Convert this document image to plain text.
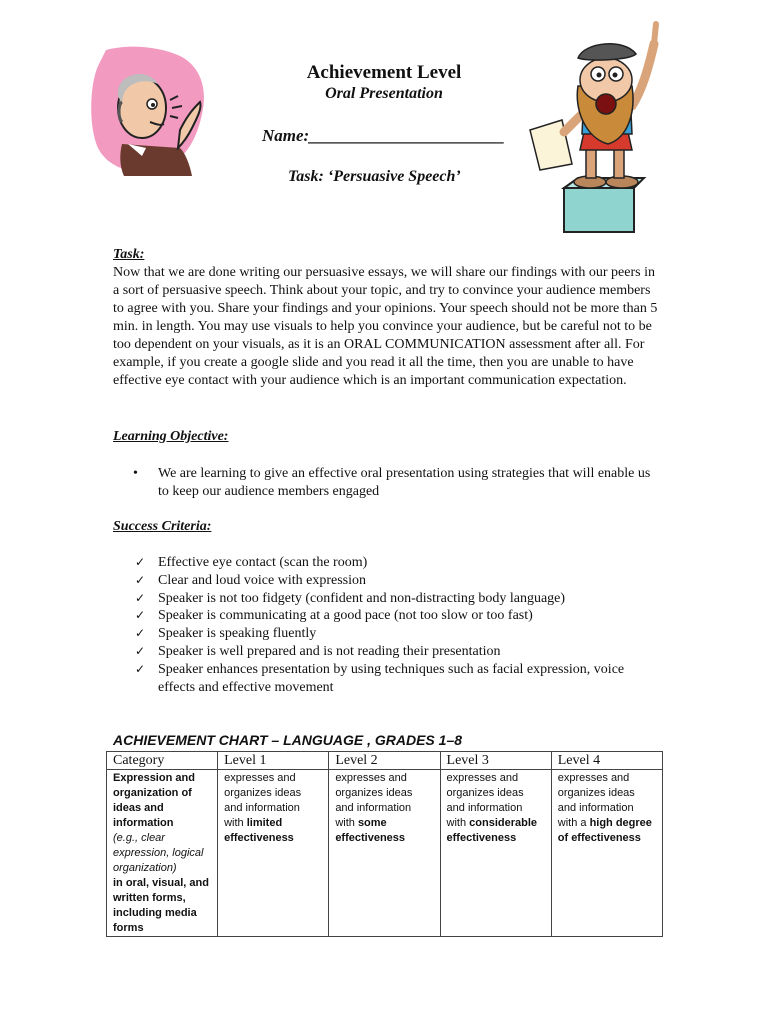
Achievement Level
Oral Presentation
Name:_______________________
Task: ‘Persuasive Speech’
Task:
Now that we are done writing our persuasive essays, we will share our findings with our peers in a sort of persuasive speech. Think about your topic, and try to convince your audience members to agree with you. Share your findings and your opinions. Your speech should not be more than 5 min. in length. You may use visuals to help you convince your audience, but be careful not to be too dependent on your visuals, as it is an ORAL COMMUNICATION assessment after all. For example, if you create a google slide and you read it all the time, then you are unable to have effective eye contact with your audience which is an important communication expectation.
Learning Objective:
• We are learning to give an effective oral presentation using strategies that will enable us to keep our audience members engaged
Success Criteria:
✓ Effective eye contact (scan the room)
✓ Clear and loud voice with expression
✓ Speaker is not too fidgety (confident and non-distracting body language)
✓ Speaker is communicating at a good pace (not too slow or too fast)
✓ Speaker is speaking fluently
✓ Speaker is well prepared and is not reading their presentation
✓ Speaker enhances presentation by using techniques such as facial expression, voice effects and effective movement
ACHIEVEMENT CHART – LANGUAGE , GRADES 1–8
Category	Level 1	Level 2	Level 3	Level 4
Expression and organization of ideas and information
(e.g., clear expression, logical organization)
in oral, visual, and written forms, including media forms	expresses and organizes ideas and information with limited effectiveness	expresses and organizes ideas and information with some effectiveness	expresses and organizes ideas and information with considerable effectiveness	expresses and organizes ideas and information with a high degree of effectiveness
